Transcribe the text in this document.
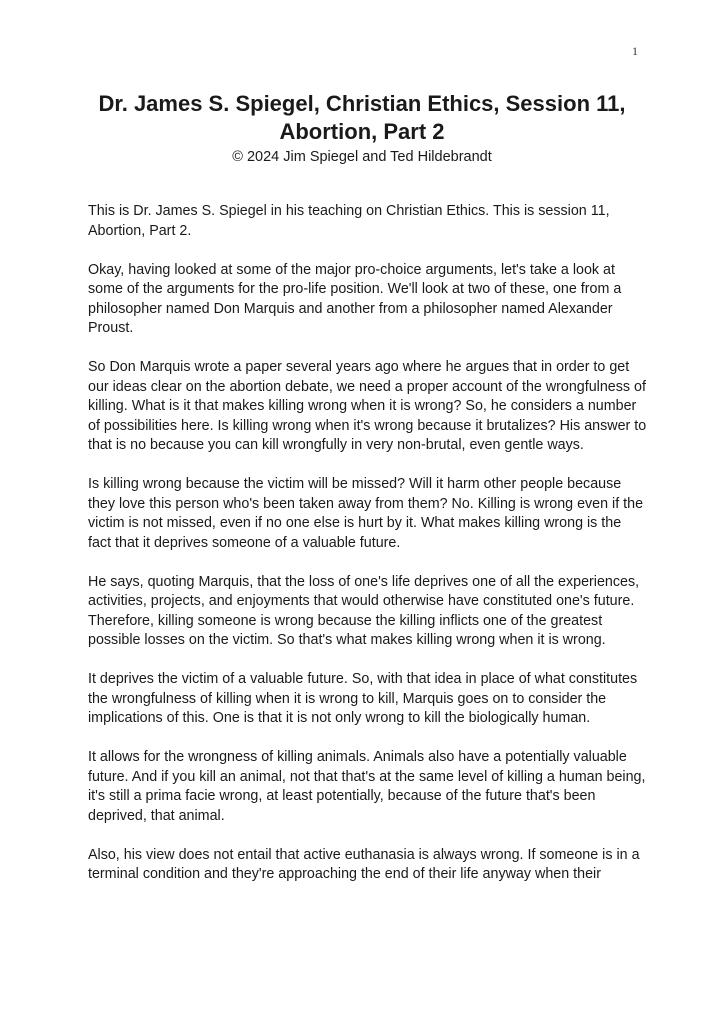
1
Dr. James S. Spiegel, Christian Ethics, Session 11, Abortion, Part 2
© 2024 Jim Spiegel and Ted Hildebrandt

This is Dr. James S. Spiegel in his teaching on Christian Ethics. This is session 11, Abortion, Part 2.

Okay, having looked at some of the major pro-choice arguments, let's take a look at some of the arguments for the pro-life position. We'll look at two of these, one from a philosopher named Don Marquis and another from a philosopher named Alexander Proust.

So Don Marquis wrote a paper several years ago where he argues that in order to get our ideas clear on the abortion debate, we need a proper account of the wrongfulness of killing. What is it that makes killing wrong when it is wrong? So, he considers a number of possibilities here. Is killing wrong when it's wrong because it brutalizes? His answer to that is no because you can kill wrongfully in very non-brutal, even gentle ways.

Is killing wrong because the victim will be missed? Will it harm other people because they love this person who's been taken away from them? No. Killing is wrong even if the victim is not missed, even if no one else is hurt by it. What makes killing wrong is the fact that it deprives someone of a valuable future.

He says, quoting Marquis, that the loss of one's life deprives one of all the experiences, activities, projects, and enjoyments that would otherwise have constituted one's future. Therefore, killing someone is wrong because the killing inflicts one of the greatest possible losses on the victim. So that's what makes killing wrong when it is wrong.

It deprives the victim of a valuable future. So, with that idea in place of what constitutes the wrongfulness of killing when it is wrong to kill, Marquis goes on to consider the implications of this. One is that it is not only wrong to kill the biologically human.

It allows for the wrongness of killing animals. Animals also have a potentially valuable future. And if you kill an animal, not that that's at the same level of killing a human being, it's still a prima facie wrong, at least potentially, because of the future that's been deprived, that animal.

Also, his view does not entail that active euthanasia is always wrong. If someone is in a terminal condition and they're approaching the end of their life anyway when their
